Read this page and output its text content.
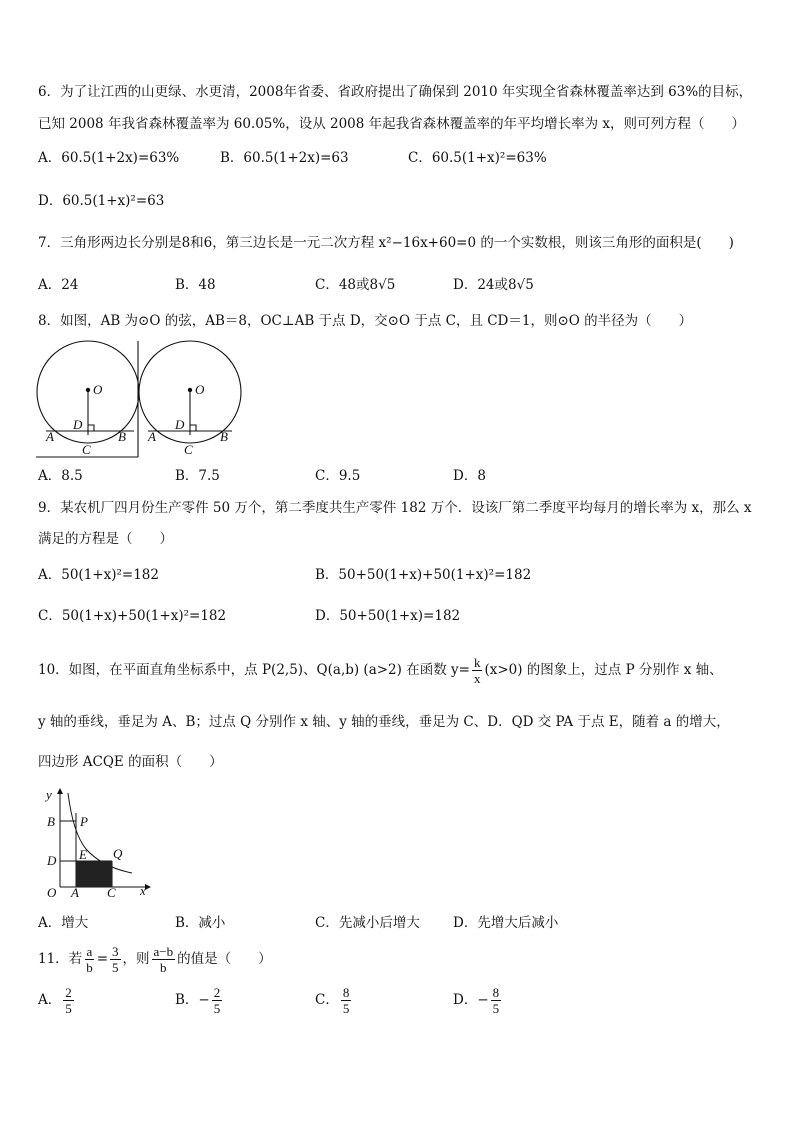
6．为了让江西的山更绿、水更清，2008年省委、省政府提出了确保到 2010 年实现全省森林覆盖率达到 63%的目标，
已知 2008 年我省森林覆盖率为 60.05%，设从 2008 年起我省森林覆盖率的年平均增长率为 x，则可列方程（　　）
A．60.5(1+2x)=63%	B．60.5(1+2x)=63	C．60.5(1+x)²=63%
D．60.5(1+x)²=63
7．三角形两边长分别是8和6，第三边长是一元二次方程 x²−16x+60=0 的一个实数根，则该三角形的面积是(　　)
A．24	B．48	C．48或8√5	D．24或8√5
8．如图，AB 为⊙O 的弦，AB＝8，OC⊥AB 于点 D，交⊙O 于点 C，且 CD＝1，则⊙O 的半径为（　　）
O
D
A	B
C
O
D
A	B
C
A．8.5	B．7.5	C．9.5	D．8
9．某农机厂四月份生产零件 50 万个，第二季度共生产零件 182 万个．设该厂第二季度平均每月的增长率为 x，那么 x
满足的方程是（　　）
A．50(1+x)²=182	B．50+50(1+x)+50(1+x)²=182
C．50(1+x)+50(1+x)²=182	D．50+50(1+x)=182
10．如图，在平面直角坐标系中，点 P(2,5)、Q(a,b) (a>2) 在函数 $y= \frac{k}{x} (x>0)$ 的图象上，过点 P 分别作 x 轴、
y 轴的垂线，垂足为 A、B；过点 Q 分别作 x 轴、y 轴的垂线，垂足为 C、D．QD 交 PA 于点 E，随着 a 的增大，
四边形 ACQE 的面积（　　）
y
B P
D E Q
O A C x
A．增大	B．减小	C．先减小后增大 D．先增大后减小
11．若 $\frac{a}{b} = \frac{3}{5}$ ，则 $\frac{a-b}{b}$ 的值是（　　）
A． $\frac{2}{5}$	B．− $\frac{2}{5}$	C． $\frac{8}{5}$	D．− $\frac{8}{5}$
